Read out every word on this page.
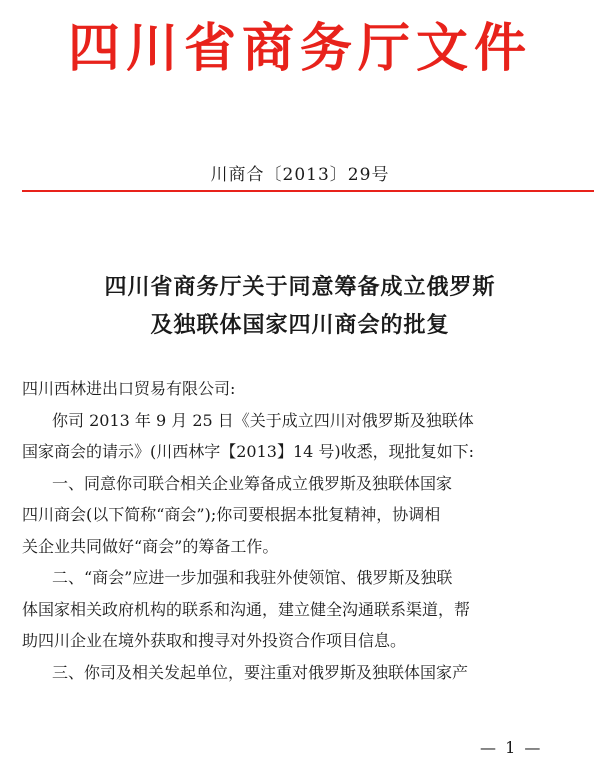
四川省商务厅文件
川商合〔2013〕29号
四川省商务厅关于同意筹备成立俄罗斯
及独联体国家四川商会的批复

四川西林进出口贸易有限公司:

你司 2013 年 9 月 25 日《关于成立四川对俄罗斯及独联体

国家商会的请示》(川西林字【2013】14 号)收悉，现批复如下:

一、同意你司联合相关企业筹备成立俄罗斯及独联体国家

四川商会(以下简称“商会”);你司要根据本批复精神，协调相

关企业共同做好“商会”的筹备工作。

二、“商会”应进一步加强和我驻外使领馆、俄罗斯及独联

体国家相关政府机构的联系和沟通，建立健全沟通联系渠道，帮

助四川企业在境外获取和搜寻对外投资合作项目信息。

三、你司及相关发起单位，要注重对俄罗斯及独联体国家产

— 1 —
